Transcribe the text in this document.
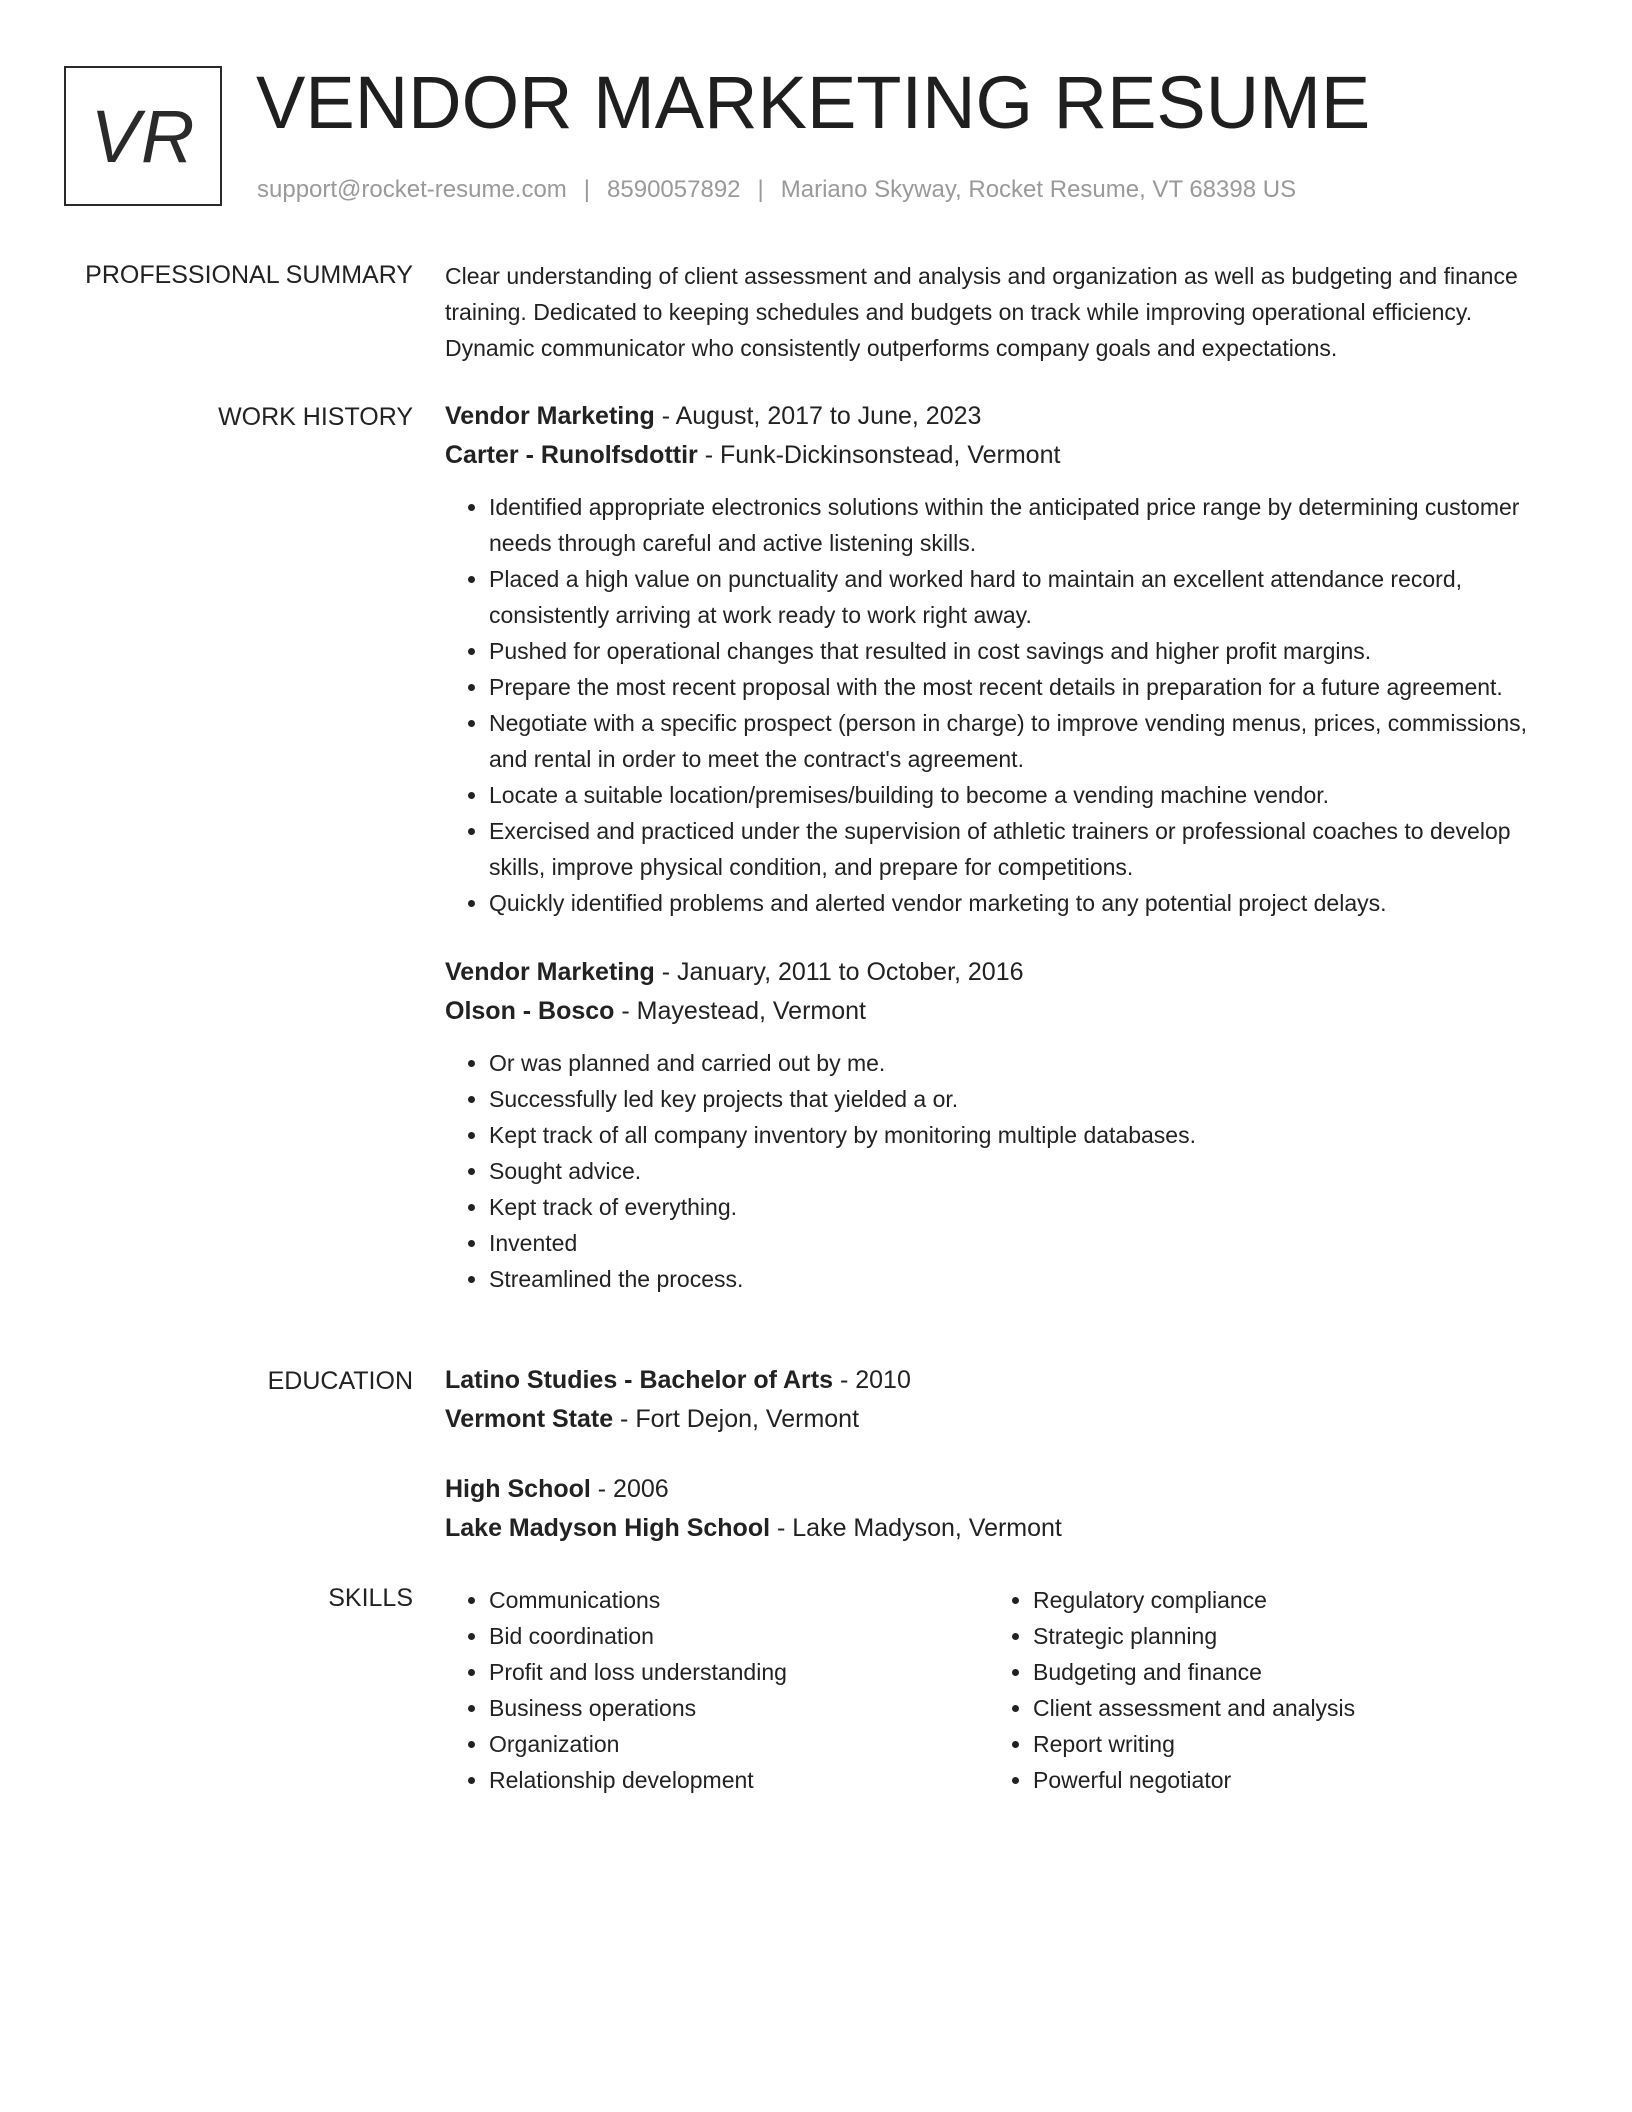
VR VENDOR MARKETING RESUME
support@rocket-resume.com | 8590057892 | Mariano Skyway, Rocket Resume, VT 68398 US
PROFESSIONAL SUMMARY Clear understanding of client assessment and analysis and organization as well as budgeting and finance training. Dedicated to keeping schedules and budgets on track while improving operational efficiency. Dynamic communicator who consistently outperforms company goals and expectations.

WORK HISTORY Vendor Marketing - August, 2017 to June, 2023
Carter - Runolfsdottir - Funk-Dickinsonstead, Vermont
• Identified appropriate electronics solutions within the anticipated price range by determining customer needs through careful and active listening skills.
• Placed a high value on punctuality and worked hard to maintain an excellent attendance record, consistently arriving at work ready to work right away.
• Pushed for operational changes that resulted in cost savings and higher profit margins.
• Prepare the most recent proposal with the most recent details in preparation for a future agreement.
• Negotiate with a specific prospect (person in charge) to improve vending menus, prices, commissions, and rental in order to meet the contract's agreement.
• Locate a suitable location/premises/building to become a vending machine vendor.
• Exercised and practiced under the supervision of athletic trainers or professional coaches to develop skills, improve physical condition, and prepare for competitions.
• Quickly identified problems and alerted vendor marketing to any potential project delays.
Vendor Marketing - January, 2011 to October, 2016
Olson - Bosco - Mayestead, Vermont
• Or was planned and carried out by me.
• Successfully led key projects that yielded a or.
• Kept track of all company inventory by monitoring multiple databases.
• Sought advice.
• Kept track of everything.
• Invented
• Streamlined the process.
EDUCATION Latino Studies - Bachelor of Arts - 2010
Vermont State - Fort Dejon, Vermont
High School - 2006
Lake Madyson High School - Lake Madyson, Vermont
SKILLS
•	Communications
• Bid coordination
• Profit and loss understanding
• Business operations
• Organization
• Relationship development
• Regulatory compliance
• Strategic planning
• Budgeting and finance
• Client assessment and analysis
• Report writing
• Powerful negotiator
